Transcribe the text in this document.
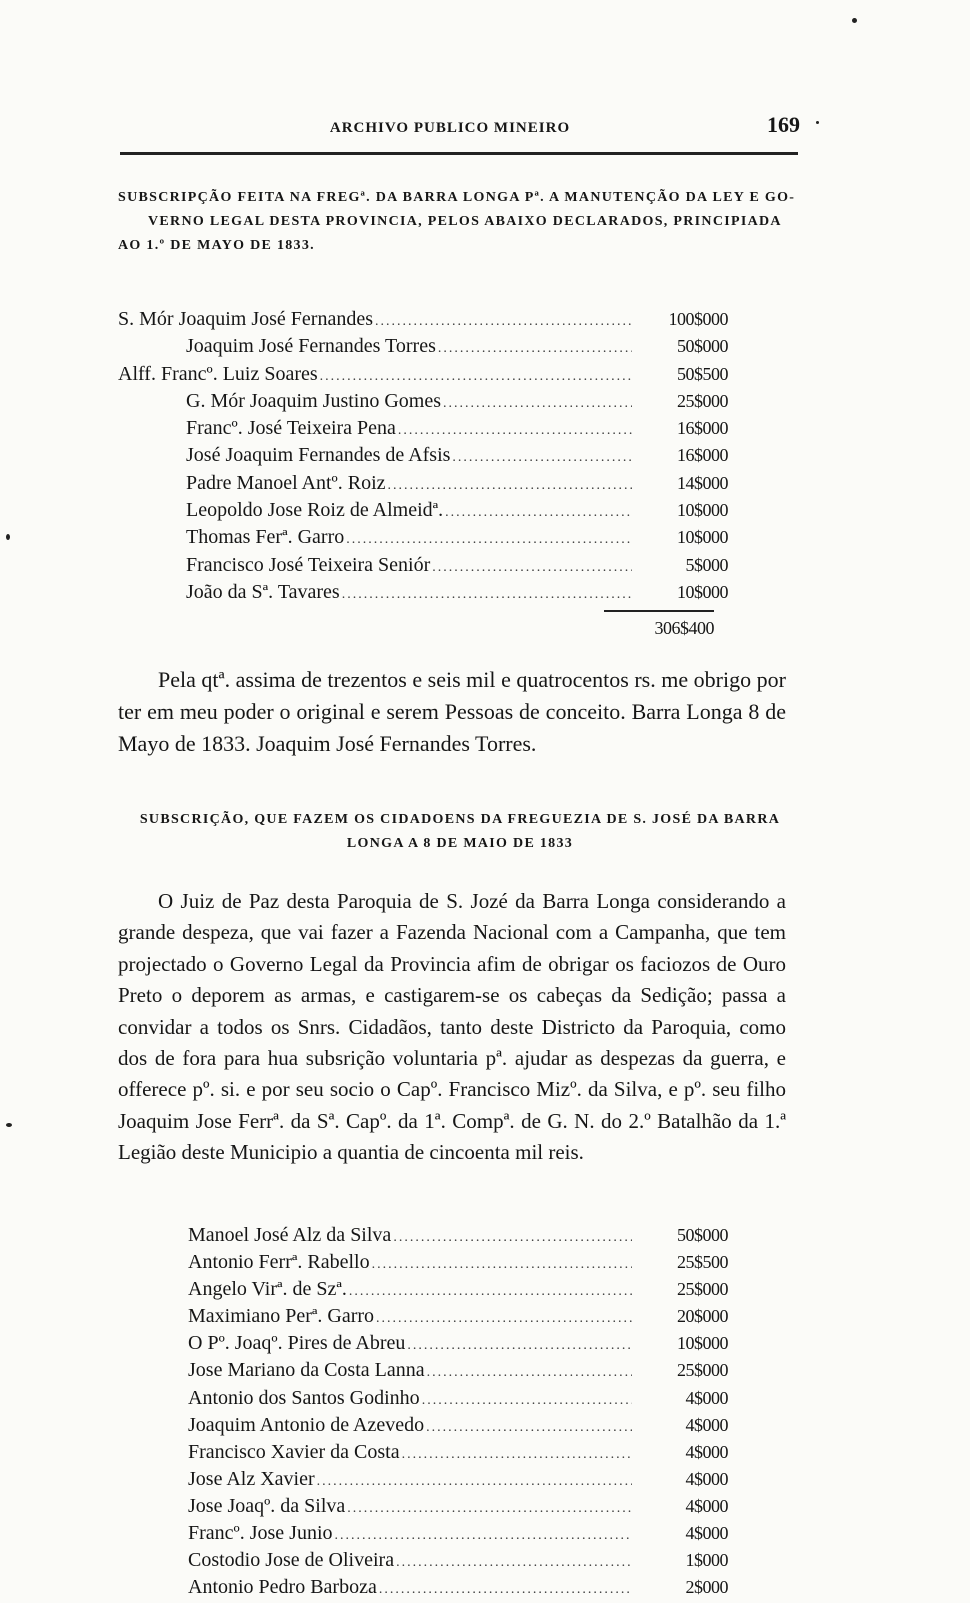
ARCHIVO PUBLICO MINEIRO	169
SUBSCRIPÇÃO FEITA NA FREGª. DA BARRA LONGA Pª. A MANUTENÇÃO DA LEY E GO-
VERNO LEGAL DESTA PROVINCIA, PELOS ABAIXO DECLARADOS, PRINCIPIADA
AO 1.º DE MAYO DE 1833.
S. Mór Joaquim José Fernandes .....	100$000
Joaquim José Fernandes Torres .....	50$000
Alff. Francº. Luiz Soares .....	50$500
G. Mór Joaquim Justino Gomes .....	25$000
Francº. José Teixeira Pena .....	16$000
José Joaquim Fernandes de Afsis .....	16$000
Padre Manoel Antº. Roiz .....	14$000
Leopoldo Jose Roiz de Almeidª. .....	10$000
Thomas Ferª. Garro .....	10$000
Francisco José Teixeira Seniór .....	5$000
João da Sª. Tavares .....	10$000
306$400
Pela qtª. assima de trezentos e seis mil e quatrocentos rs. me obrigo por ter em meu poder o original e serem Pessoas de conceito. Barra Longa 8 de Mayo de 1833. Joaquim José Fernandes Torres.
SUBSCRIÇÃO, QUE FAZEM OS CIDADOENS DA FREGUEZIA DE S. JOSÉ DA BARRA
LONGA A 8 DE MAIO DE 1833
O Juiz de Paz desta Paroquia de S. Jozé da Barra Longa considerando a grande despeza, que vai fazer a Fazenda Nacional com a Campanha, que tem projectado o Governo Legal da Provincia afim de obrigar os faciozos de Ouro Preto o deporem as armas, e castigarem-se os cabeças da Sedição; passa a convidar a todos os Snrs. Cidadãos, tanto deste Districto da Paroquia, como dos de fora para hua subsrição voluntaria pª. ajudar as despezas da guerra, e offerece pº. si. e por seu socio o Capº. Francisco Mizº. da Silva, e pº. seu filho Joaquim Jose Ferrª. da Sª. Capº. da 1ª. Compª. de G. N. do 2.º Batalhão da 1.ª Legião deste Municipio a quantia de cincoenta mil reis.
Manoel José Alz da Silva .....	50$000
Antonio Ferrª. Rabello .....	25$500
Angelo Virª. de Szª. .....	25$000
Maximiano Perª. Garro .....	20$000
O Pº. Joaqº. Pires de Abreu .....	10$000
Jose Mariano da Costa Lanna .....	25$000
Antonio dos Santos Godinho .....	4$000
Joaquim Antonio de Azevedo .....	4$000
Francisco Xavier da Costa .....	4$000
Jose Alz Xavier .....	4$000
Jose Joaqº. da Silva .....	4$000
Francº. Jose Junio .....	4$000
Costodio Jose de Oliveira .....	1$000
Antonio Pedro Barboza .....	2$000
